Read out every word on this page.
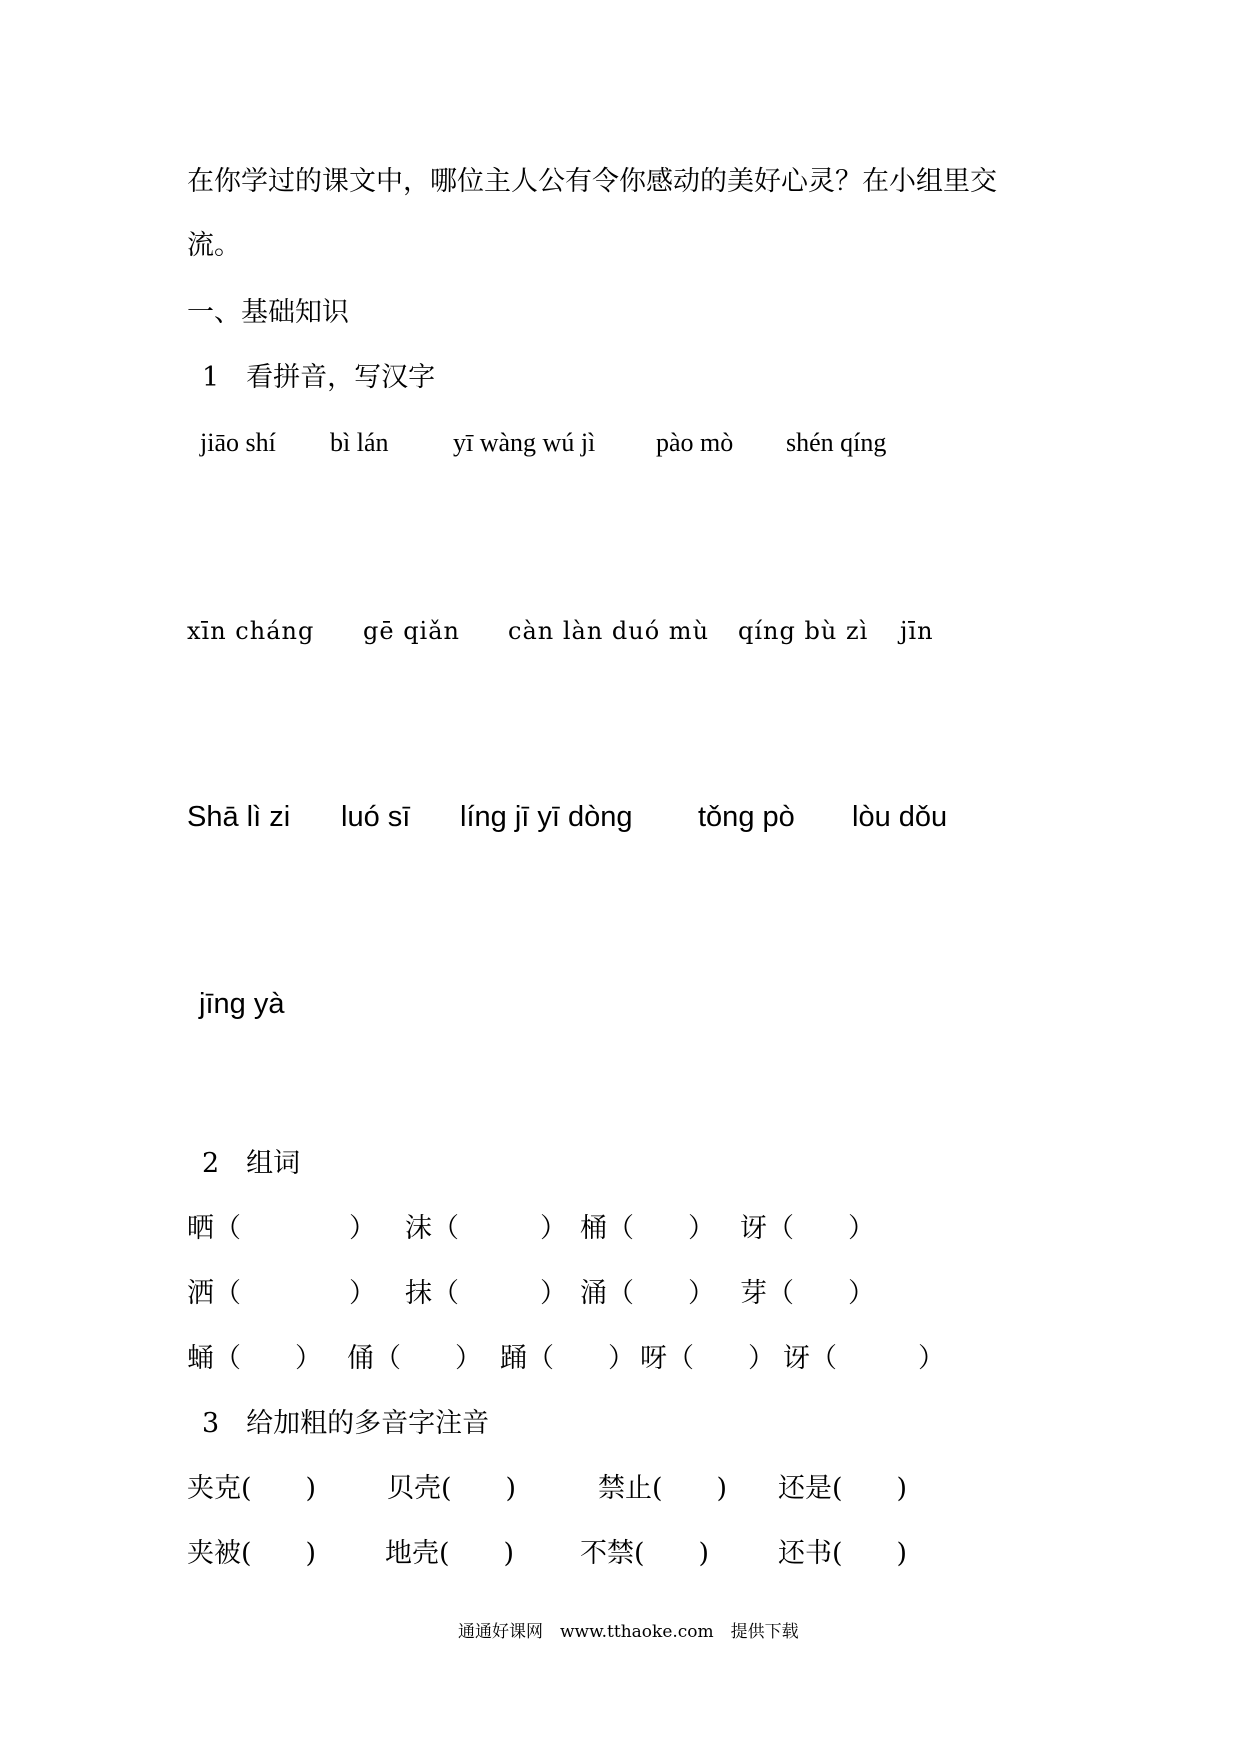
在你学过的课文中，哪位主人公有令你感动的美好心灵？在小组里交
流。
一、基础知识
1　看拼音，写汉字
jiāo shí bì lán yī wàng wú jì pào mò shén qíng
xīn cháng gē qiǎn càn làn duó mù qíng bù zì jīn
Shā lì zi luó sī líng jī yī dòng tǒng pò lòu dǒu
jīng yà
2　组词
晒（　　　　） 沫（　　　） 桶（　　） 讶（　　）
洒（　　　　） 抹（　　　） 涌（　　） 芽（　　）
蛹（　　） 俑（　　） 踊（　　） 呀（　　） 讶（　　　）
3　给加粗的多音字注音
夹克(　　)	贝壳(　　)	禁止(　　) 还是(　　)
夹被(　　)	地壳(　　) 不禁(　　)	还书(　　)
通通好课网　www.tthaoke.com　提供下载
